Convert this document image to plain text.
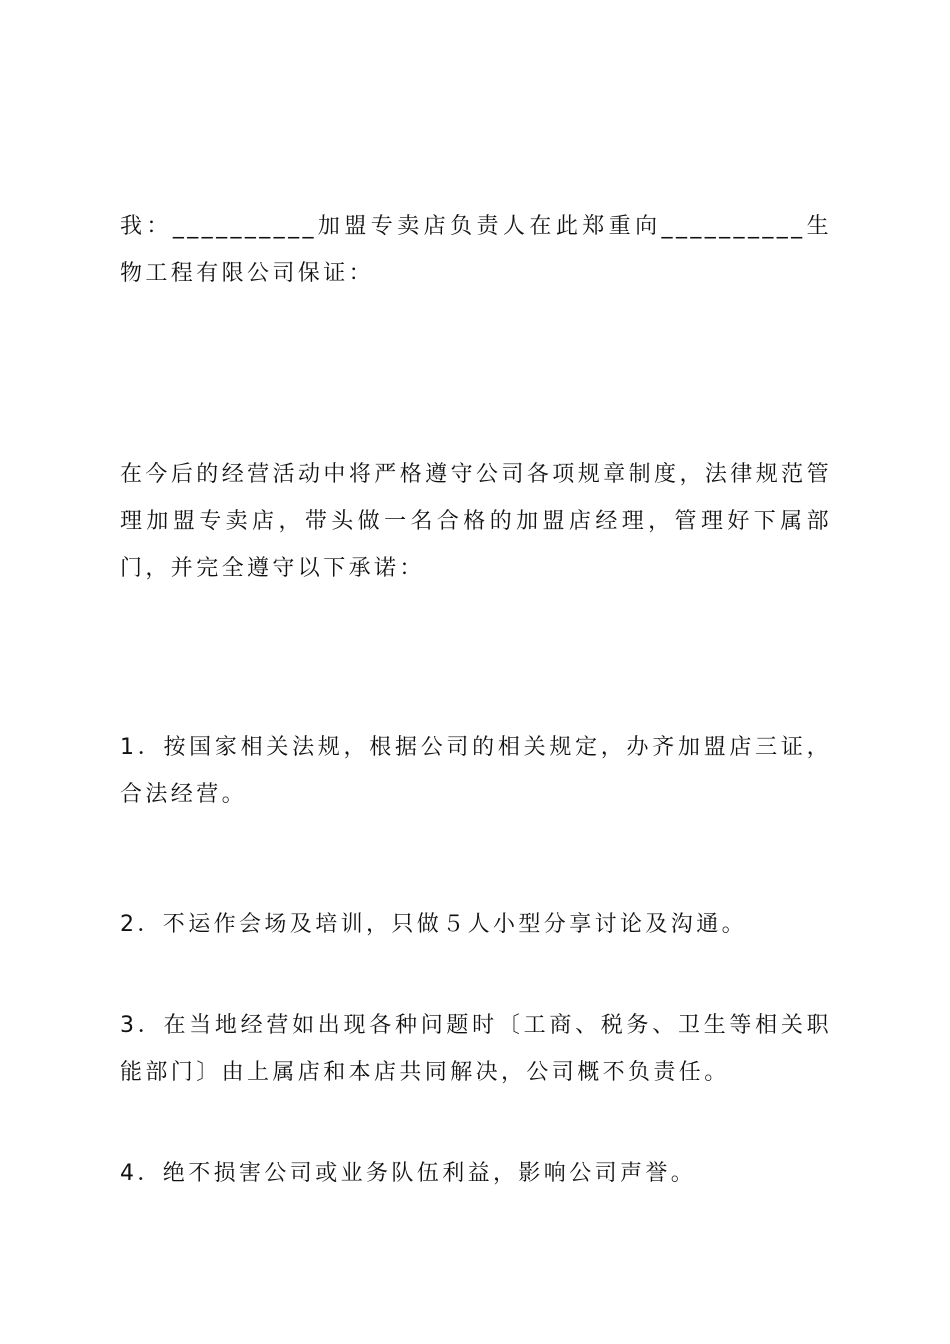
我：__________加盟专卖店负责人在此郑重向__________生物工程有限公司保证：

在今后的经营活动中将严格遵守公司各项规章制度，法律规范管理加盟专卖店，带头做一名合格的加盟店经理，管理好下属部门，并完全遵守以下承诺：

1．按国家相关法规，根据公司的相关规定，办齐加盟店三证，合法经营。

2．不运作会场及培训，只做５人小型分享讨论及沟通。

3．在当地经营如出现各种问题时〔工商、税务、卫生等相关职能部门〕由上属店和本店共同解决，公司概不负责任。

4．绝不损害公司或业务队伍利益，影响公司声誉。
